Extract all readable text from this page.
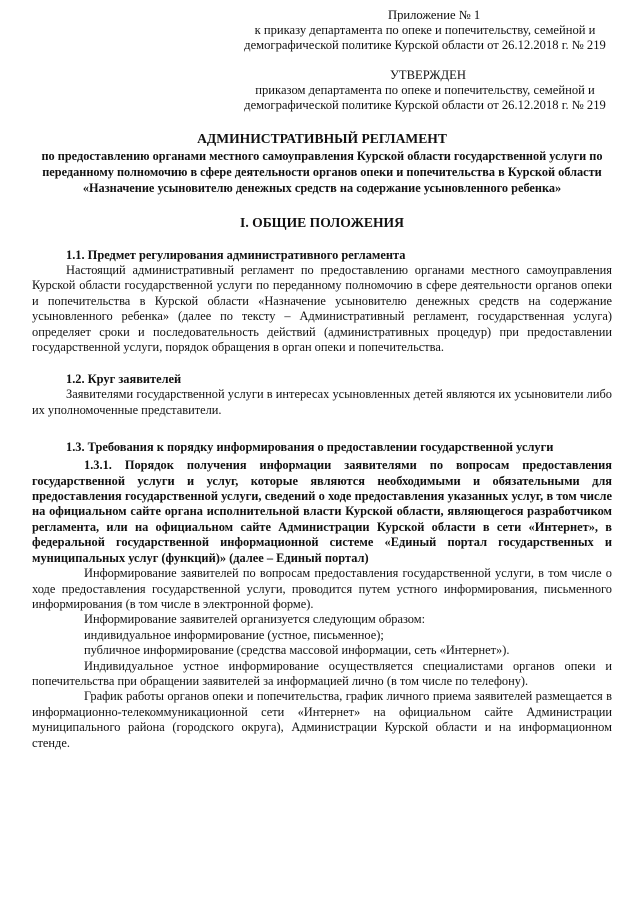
Приложение № 1
к приказу департамента по опеке и попечительству, семейной и
демографической политике Курской области от 26.12.2018 г. № 219
УТВЕРЖДЕН
приказом департамента по опеке и попечительству, семейной и
демографической политике Курской области от 26.12.2018 г. № 219
АДМИНИСТРАТИВНЫЙ РЕГЛАМЕНТ
по предоставлению органами местного самоуправления Курской области государственной услуги по переданному полномочию в сфере деятельности органов опеки и попечительства в Курской области «Назначение усыновителю денежных средств на содержание усыновленного ребенка»
I. ОБЩИЕ ПОЛОЖЕНИЯ
1.1. Предмет регулирования административного регламента

Настоящий административный регламент по предоставлению органами местного самоуправления Курской области государственной услуги по переданному полномочию в сфере деятельности органов опеки и попечительства в Курской области «Назначение усыновителю денежных средств на содержание усыновленного ребенка» (далее по тексту – Административный регламент, государственная услуга) определяет сроки и последовательность действий (административных процедур) при предоставлении государственной услуги, порядок обращения в орган опеки и попечительства.

1.2. Круг заявителей

Заявителями государственной услуги в интересах усыновленных детей являются их усыновители либо их уполномоченные представители.

1.3. Требования к порядку информирования о предоставлении государственной услуги

1.3.1. Порядок получения информации заявителями по вопросам предоставления государственной услуги и услуг, которые являются необходимыми и обязательными для предоставления государственной услуги, сведений о ходе предоставления указанных услуг, в том числе на официальном сайте органа исполнительной власти Курской области, являющегося разработчиком регламента, или на официальном сайте Администрации Курской области в сети «Интернет», в федеральной государственной информационной системе «Единый портал государственных и муниципальных услуг (функций)» (далее – Единый портал)

Информирование заявителей по вопросам предоставления государственной услуги, в том числе о ходе предоставления государственной услуги, проводится путем устного информирования, письменного информирования (в том числе в электронной форме).

Информирование заявителей организуется следующим образом:

индивидуальное информирование (устное, письменное);

публичное информирование (средства массовой информации, сеть «Интернет»).

Индивидуальное устное информирование осуществляется специалистами органов опеки и попечительства при обращении заявителей за информацией лично (в том числе по телефону).

График работы органов опеки и попечительства, график личного приема заявителей размещается в информационно-телекоммуникационной сети «Интернет» на официальном сайте Администрации муниципального района (городского округа), Администрации Курской области и на информационном стенде.
